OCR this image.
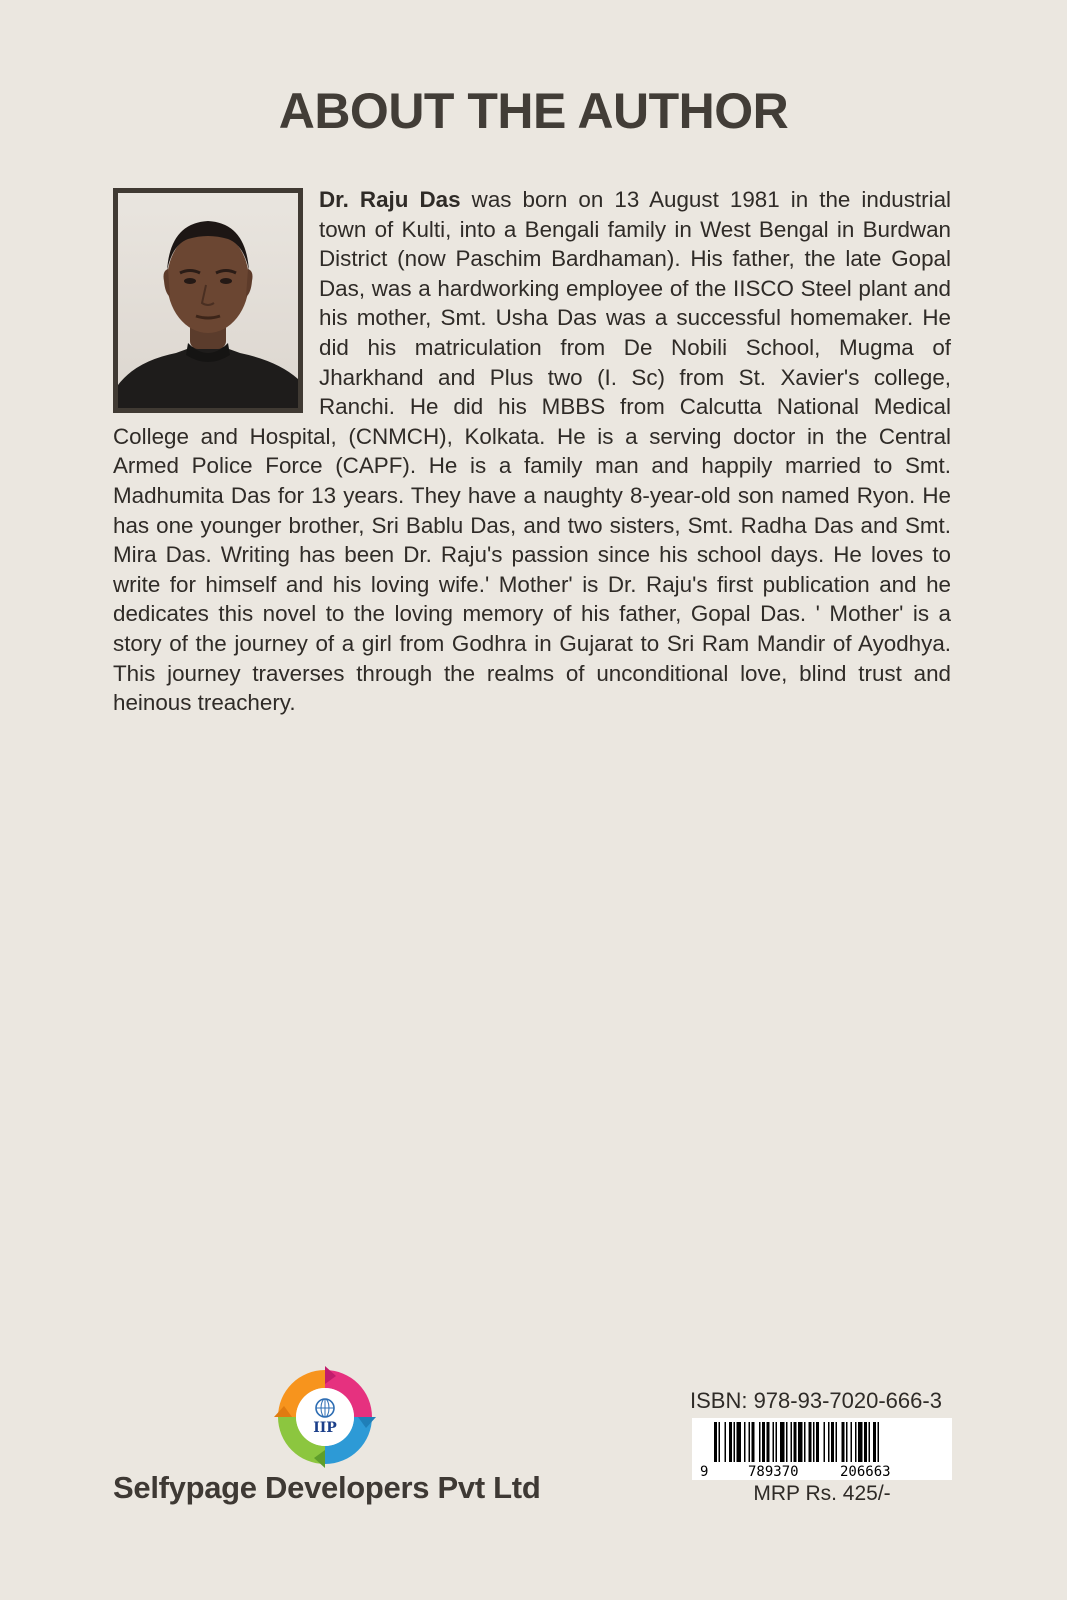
ABOUT THE AUTHOR
Dr. Raju Das was born on 13 August 1981 in the industrial town of Kulti, into a Bengali family in West Bengal in Burdwan District (now Paschim Bardhaman). His father, the late Gopal Das, was a hardworking employee of the IISCO Steel plant and his mother, Smt. Usha Das was a successful homemaker. He did his matriculation from De Nobili School, Mugma of Jharkhand and Plus two (I. Sc) from St. Xavier's college, Ranchi. He did his MBBS from Calcutta National Medical College and Hospital, (CNMCH), Kolkata. He is a serving doctor in the Central Armed Police Force (CAPF). He is a family man and happily married to Smt. Madhumita Das for 13 years. They have a naughty 8-year-old son named Ryon. He has one younger brother, Sri Bablu Das, and two sisters, Smt. Radha Das and Smt. Mira Das. Writing has been Dr. Raju's passion since his school days. He loves to write for himself and his loving wife.' Mother' is Dr. Raju's first publication and he dedicates this novel to the loving memory of his father, Gopal Das. ' Mother' is a story of the journey of a girl from Godhra in Gujarat to Sri Ram Mandir of Ayodhya. This journey traverses through the realms of unconditional love, blind trust and heinous treachery.
IIP
Selfypage Developers Pvt Ltd
ISBN: 978-93-7020-666-3
9	789370	206663
MRP Rs. 425/-
